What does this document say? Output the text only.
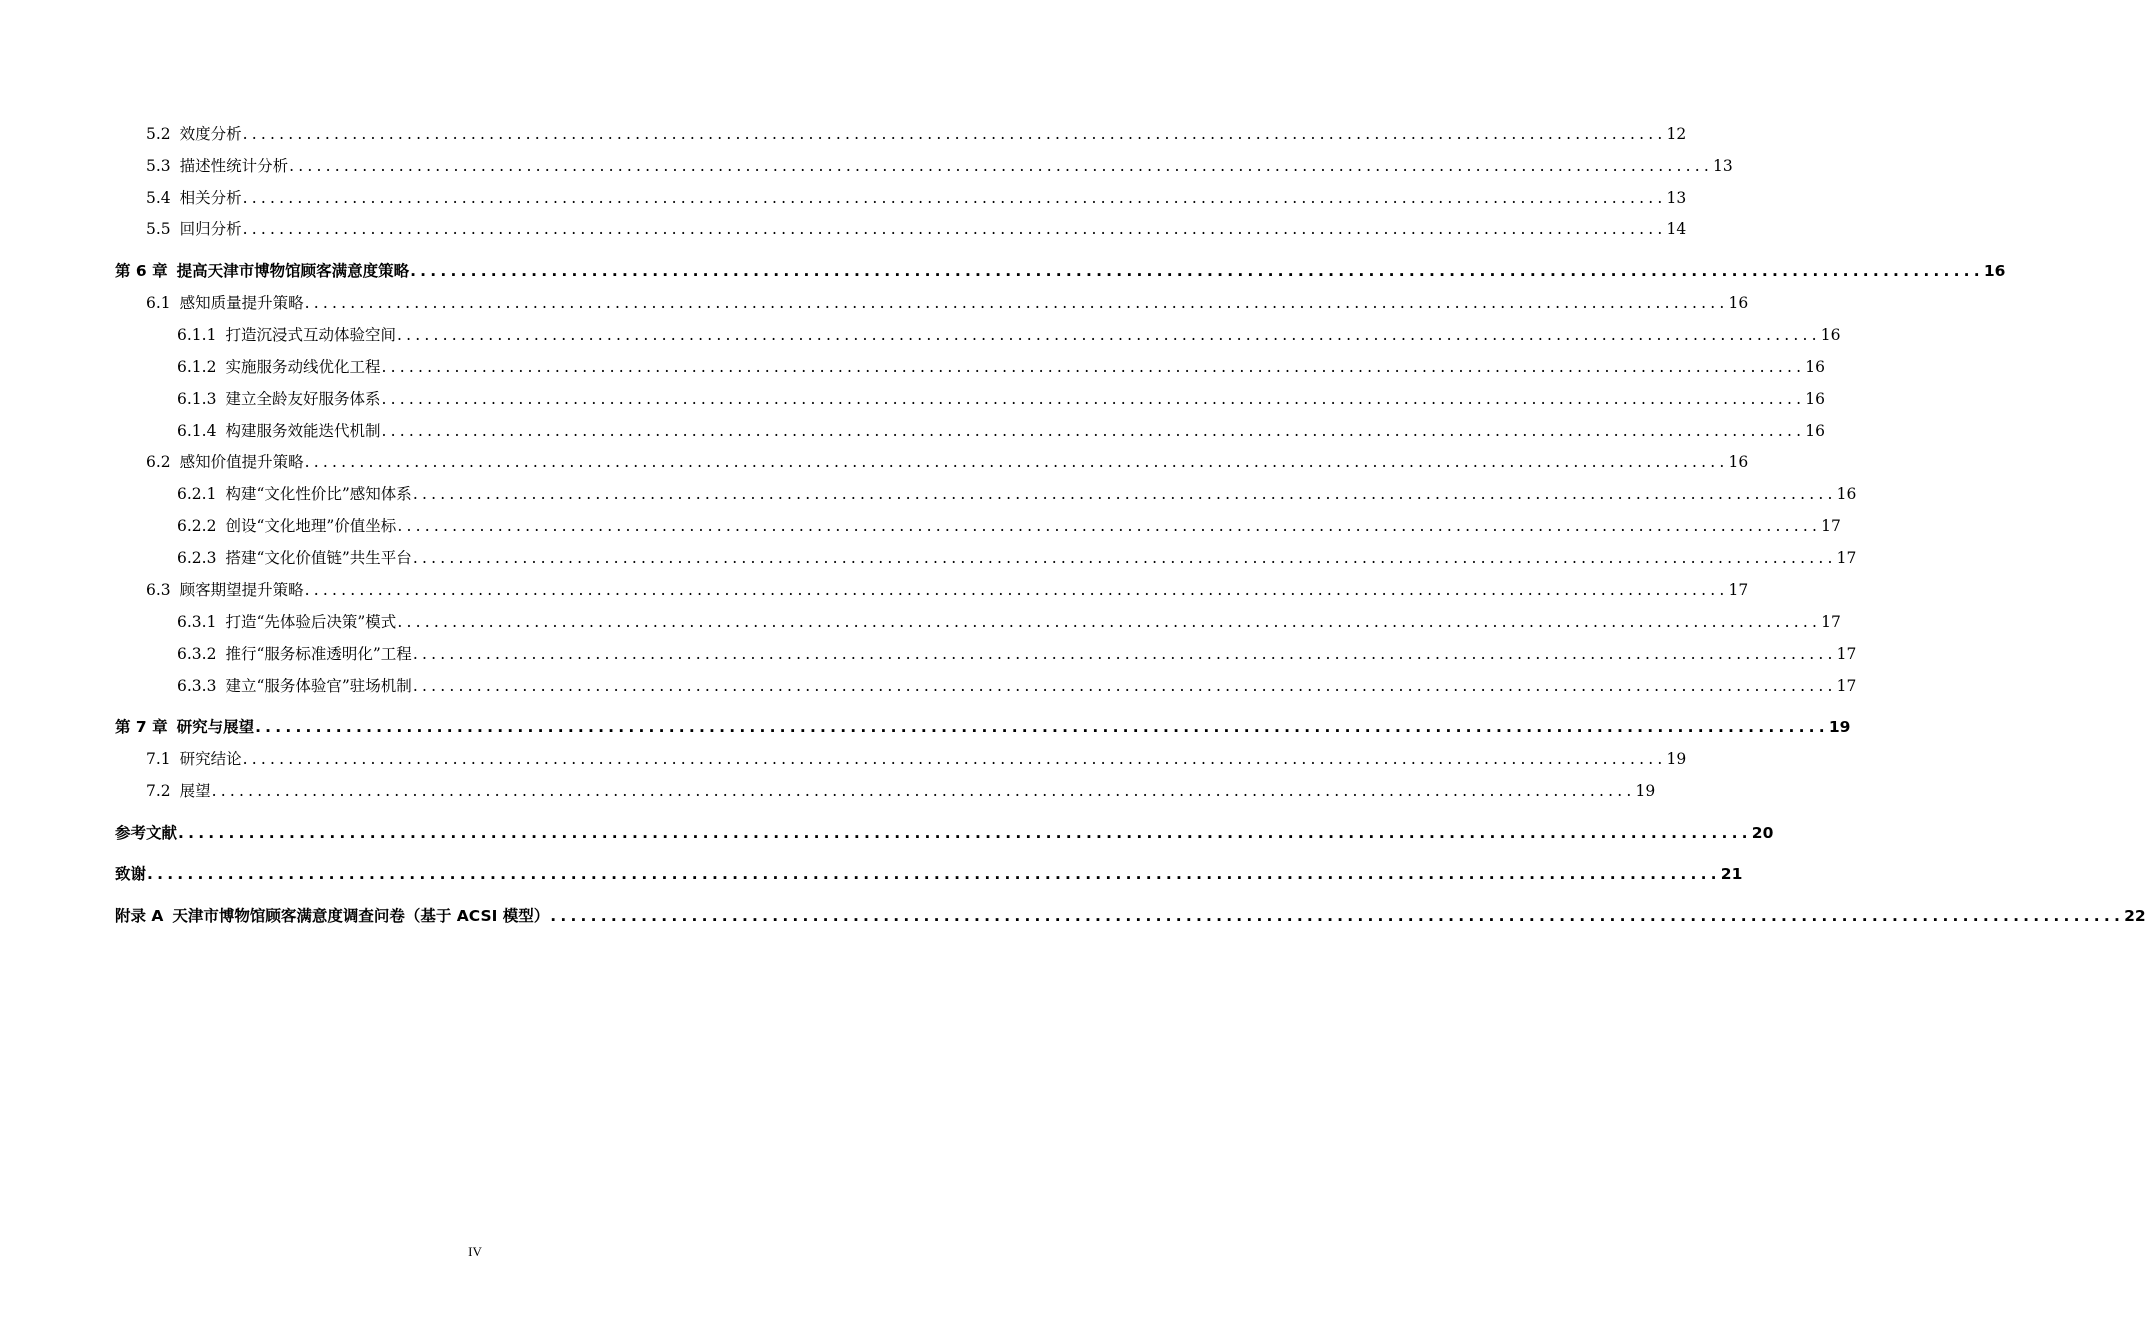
5.2 效度分析 ............................................................................................................................................................ 12
5.3 描述性统计分析 ............................................................................................................................................................ 13
5.4 相关分析 ............................................................................................................................................................ 13
5.5 回归分析 ............................................................................................................................................................ 14
第 6 章 提高天津市博物馆顾客满意度策略 ............................................................................................................................................................ 16
6.1 感知质量提升策略 ............................................................................................................................................................ 16
6.1.1 打造沉浸式互动体验空间 ............................................................................................................................................................ 16
6.1.2 实施服务动线优化工程 ............................................................................................................................................................ 16
6.1.3 建立全龄友好服务体系 ............................................................................................................................................................ 16
6.1.4 构建服务效能迭代机制 ............................................................................................................................................................ 16
6.2 感知价值提升策略 ............................................................................................................................................................ 16
6.2.1 构建“文化性价比”感知体系 ............................................................................................................................................................ 16
6.2.2 创设“文化地理”价值坐标 ............................................................................................................................................................ 17
6.2.3 搭建“文化价值链”共生平台 ............................................................................................................................................................ 17
6.3 顾客期望提升策略 ............................................................................................................................................................ 17
6.3.1 打造“先体验后决策”模式 ............................................................................................................................................................ 17
6.3.2 推行“服务标准透明化”工程 ............................................................................................................................................................ 17
6.3.3 建立“服务体验官”驻场机制 ............................................................................................................................................................ 17
第 7 章 研究与展望 ............................................................................................................................................................ 19
7.1 研究结论 ............................................................................................................................................................ 19
7.2 展望 ............................................................................................................................................................ 19
参考文献 ............................................................................................................................................................ 20
致谢 ............................................................................................................................................................ 21
附录 A 天津市博物馆顾客满意度调查问卷（基于 ACSI 模型） ............................................................................................................................................................ 22
IV
